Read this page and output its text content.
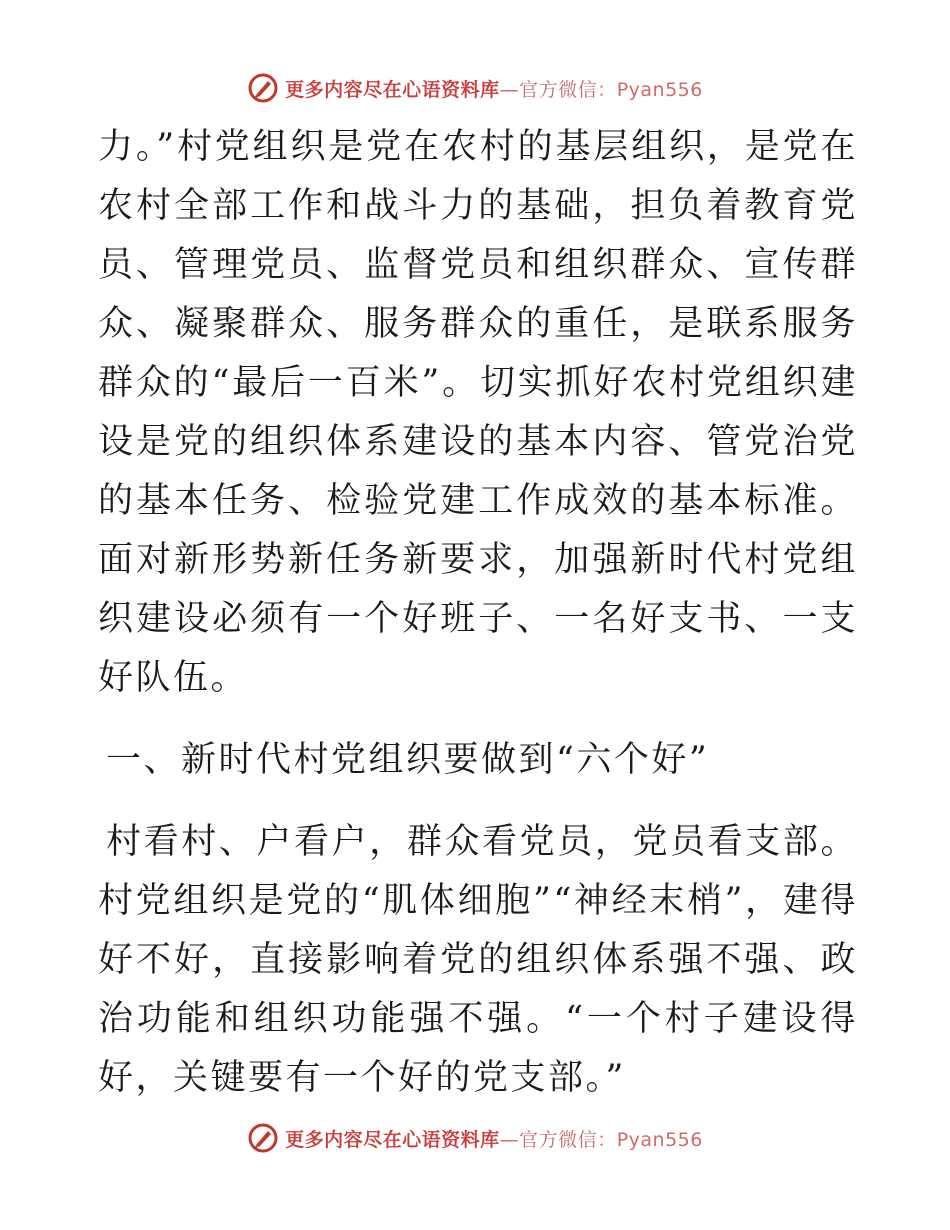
更多内容尽在心语资料库—官方微信：Pyan556

力。”村党组织是党在农村的基层组织，是党在农村全部工作和战斗力的基础，担负着教育党员、管理党员、监督党员和组织群众、宣传群众、凝聚群众、服务群众的重任，是联系服务群众的“最后一百米”。切实抓好农村党组织建设是党的组织体系建设的基本内容、管党治党的基本任务、检验党建工作成效的基本标准。面对新形势新任务新要求，加强新时代村党组织建设必须有一个好班子、一名好支书、一支好队伍。

一、新时代村党组织要做到“六个好”

村看村、户看户，群众看党员，党员看支部。村党组织是党的“肌体细胞”“神经末梢”，建得好不好，直接影响着党的组织体系强不强、政治功能和组织功能强不强。“一个村子建设得好，关键要有一个好的党支部。”

更多内容尽在心语资料库—官方微信：Pyan556
